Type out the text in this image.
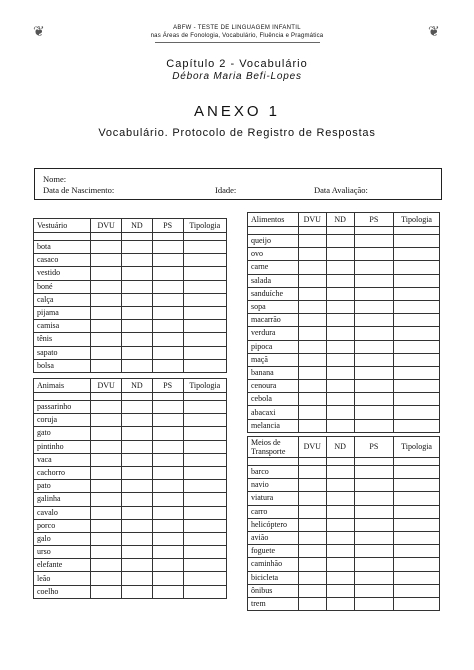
❦	❦
ABFW - TESTE DE LINGUAGEM INFANTIL
nas Áreas de Fonologia, Vocabulário, Fluência e Pragmática
Capítulo 2 - Vocabulário
Débora Maria Befi-Lopes
ANEXO 1
Vocabulário. Protocolo de Registro de Respostas
Nome:
Data de Nascimento:	Idade:	Data Avaliação:
Vestuário	DVU	ND	PS	Tipologia

bota				
casaco				
vestido				
boné				
calça				
pijama				
camisa				
tênis				
sapato				
bolsa				
Animais	DVU	ND	PS	Tipologia

passarinho				
coruja				
gato				
pintinho				
vaca				
cachorro				
pato				
galinha				
cavalo				
porco				
galo				
urso				
elefante				
leão				
coelho				
Alimentos	DVU	ND	PS	Tipologia

queijo				
ovo				
carne				
salada				
sanduíche				
sopa				
macarrão				
verdura				
pipoca				
maçã				
banana				
cenoura				
cebola				
abacaxi				
melancia				
Meios de Transporte	DVU	ND	PS	Tipologia

barco				
navio				
viatura				
carro				
helicóptero				
avião				
foguete				
caminhão				
bicicleta				
ônibus				
trem				
